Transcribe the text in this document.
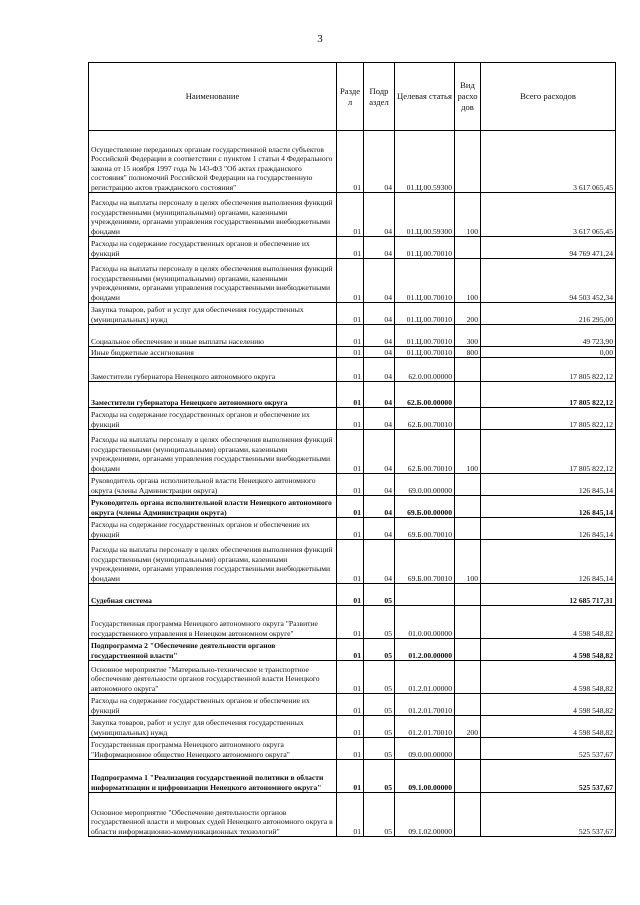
3
Наименование	Разде л	Подр аздел	Целевая статья	Вид расхо дов	Всего расходов
Осуществление переданных органам государственной власти субъектов Российской Федерации в соответствии с пунктом 1 статьи 4 Федерального закона от 15 ноября 1997 года № 143-ФЗ "Об актах гражданского состояния" полномочий Российской Федерации на государственную регистрацию актов гражданского состояния"	01	04	01.Ц.00.59300		3 617 065,45
Расходы на выплаты персоналу в целях обеспечения выполнения функций государственными (муниципальными) органами, казенными учреждениями, органами управления государственными внебюджетными фондами	01	04	01.Ц.00.59300	100	3 617 065,45
Расходы на содержание государственных органов и обеспечение их функций	01	04	01.Ц.00.70010		94 769 471,24
Расходы на выплаты персоналу в целях обеспечения выполнения функций государственными (муниципальными) органами, казенными учреждениями, органами управления государственными внебюджетными фондами	01	04	01.Ц.00.70010	100	94 503 452,34
Закупка товаров, работ и услуг для обеспечения государственных (муниципальных) нужд	01	04	01.Ц.00.70010	200	216 295,00
Социальное обеспечение и иные выплаты населению	01	04	01.Ц.00.70010	300	49 723,90
Иные бюджетные ассигнования	01	04	01.Ц.00.70010	800	0,00
Заместители губернатора Ненецкого автономного округа	01	04	62.0.00.00000		17 805 822,12
Заместители губернатора Ненецкого автономного округа	01	04	62.Б.00.00000		17 805 822,12
Расходы на содержание государственных органов и обеспечение их функций	01	04	62.Б.00.70010		17 805 822,12
Расходы на выплаты персоналу в целях обеспечения выполнения функций государственными (муниципальными) органами, казенными учреждениями, органами управления государственными внебюджетными фондами	01	04	62.Б.00.70010	100	17 805 822,12
Руководитель органа исполнительной власти Ненецкого автономного округа (члены Администрации округа)	01	04	69.0.00.00000		126 845,14
Руководитель органа исполнительной власти Ненецкого автономного округа (члены Администрации округа)	01	04	69.Б.00.00000		126 845,14
Расходы на содержание государственных органов и обеспечение их функций	01	04	69.Б.00.70010		126 845,14
Расходы на выплаты персоналу в целях обеспечения выполнения функций государственными (муниципальными) органами, казенными учреждениями, органами управления государственными внебюджетными фондами	01	04	69.Б.00.70010	100	126 845,14
Судебная система	01	05			12 685 717,31
Государственная программа Ненецкого автономного округа "Развитие государственного управления в Ненецком автономном округе"	01	05	01.0.00.00000		4 598 548,82
Подпрограмма 2 "Обеспечение деятельности органов государственной власти"	01	05	01.2.00.00000		4 598 548,82
Основное мероприятие "Материально-техническое и транспортное обеспечение деятельности органов государственной власти Ненецкого автономного округа"	01	05	01.2.01.00000		4 598 548,82
Расходы на содержание государственных органов и обеспечение их функций	01	05	01.2.01.70010		4 598 548,82
Закупка товаров, работ и услуг для обеспечения государственных (муниципальных) нужд	01	05	01.2.01.70010	200	4 598 548,82
Государственная программа Ненецкого автономного округа "Информационное общество Ненецкого автономного округа"	01	05	09.0.00.00000		525 537,67
Подпрограмма 1 "Реализация государственной политики в области информатизации и цифровизации Ненецкого автономного округа"	01	05	09.1.00.00000		525 537,67
Основное мероприятие "Обеспечение деятельности органов государственной власти и мировых судей Ненецкого автономного округа в области информационно-коммуникационных технологий"	01	05	09.1.02.00000		525 537,67
